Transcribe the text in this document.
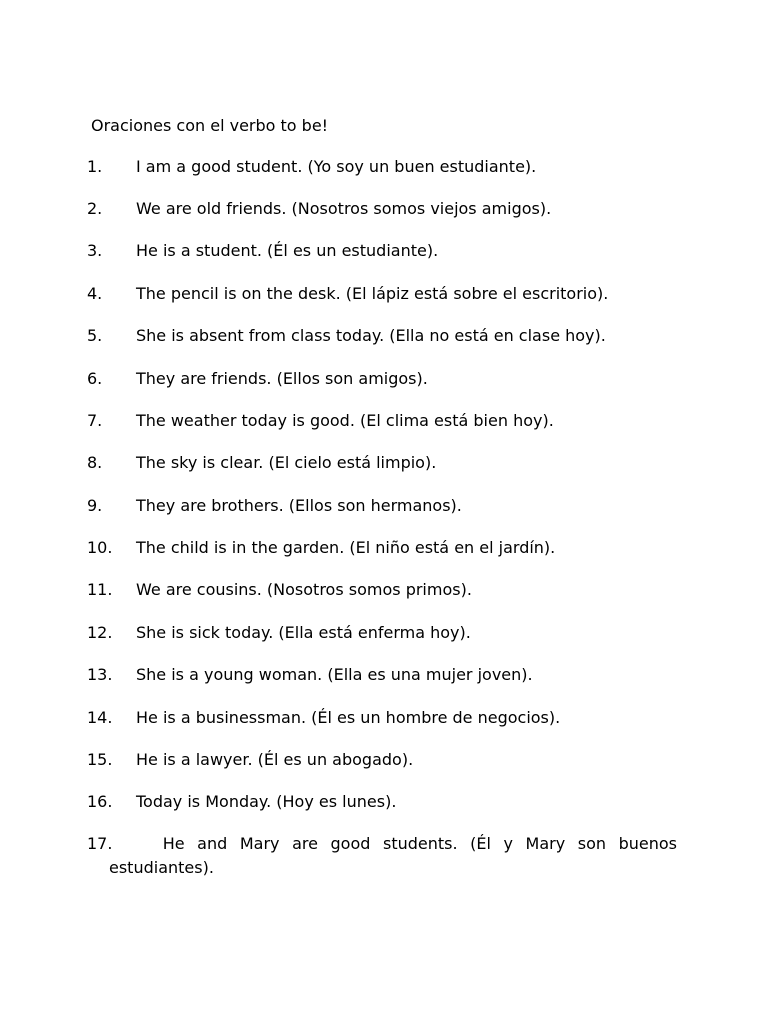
Oraciones con el verbo to be!
1. I am a good student. (Yo soy un buen estudiante).
2. We are old friends. (Nosotros somos viejos amigos).
3. He is a student. (Él es un estudiante).
4. The pencil is on the desk. (El lápiz está sobre el escritorio).
5. She is absent from class today. (Ella no está en clase hoy).
6. They are friends. (Ellos son amigos).
7. The weather today is good. (El clima está bien hoy).
8. The sky is clear. (El cielo está limpio).
9. They are brothers. (Ellos son hermanos).
10. The child is in the garden. (El niño está en el jardín).
11. We are cousins. (Nosotros somos primos).
12. She is sick today. (Ella está enferma hoy).
13. She is a young woman. (Ella es una mujer joven).
14. He is a businessman. (Él es un hombre de negocios).
15. He is a lawyer. (Él es un abogado).
16. Today is Monday. (Hoy es lunes).
17.	He and Mary are good students. (Él y Mary son buenos
estudiantes).
